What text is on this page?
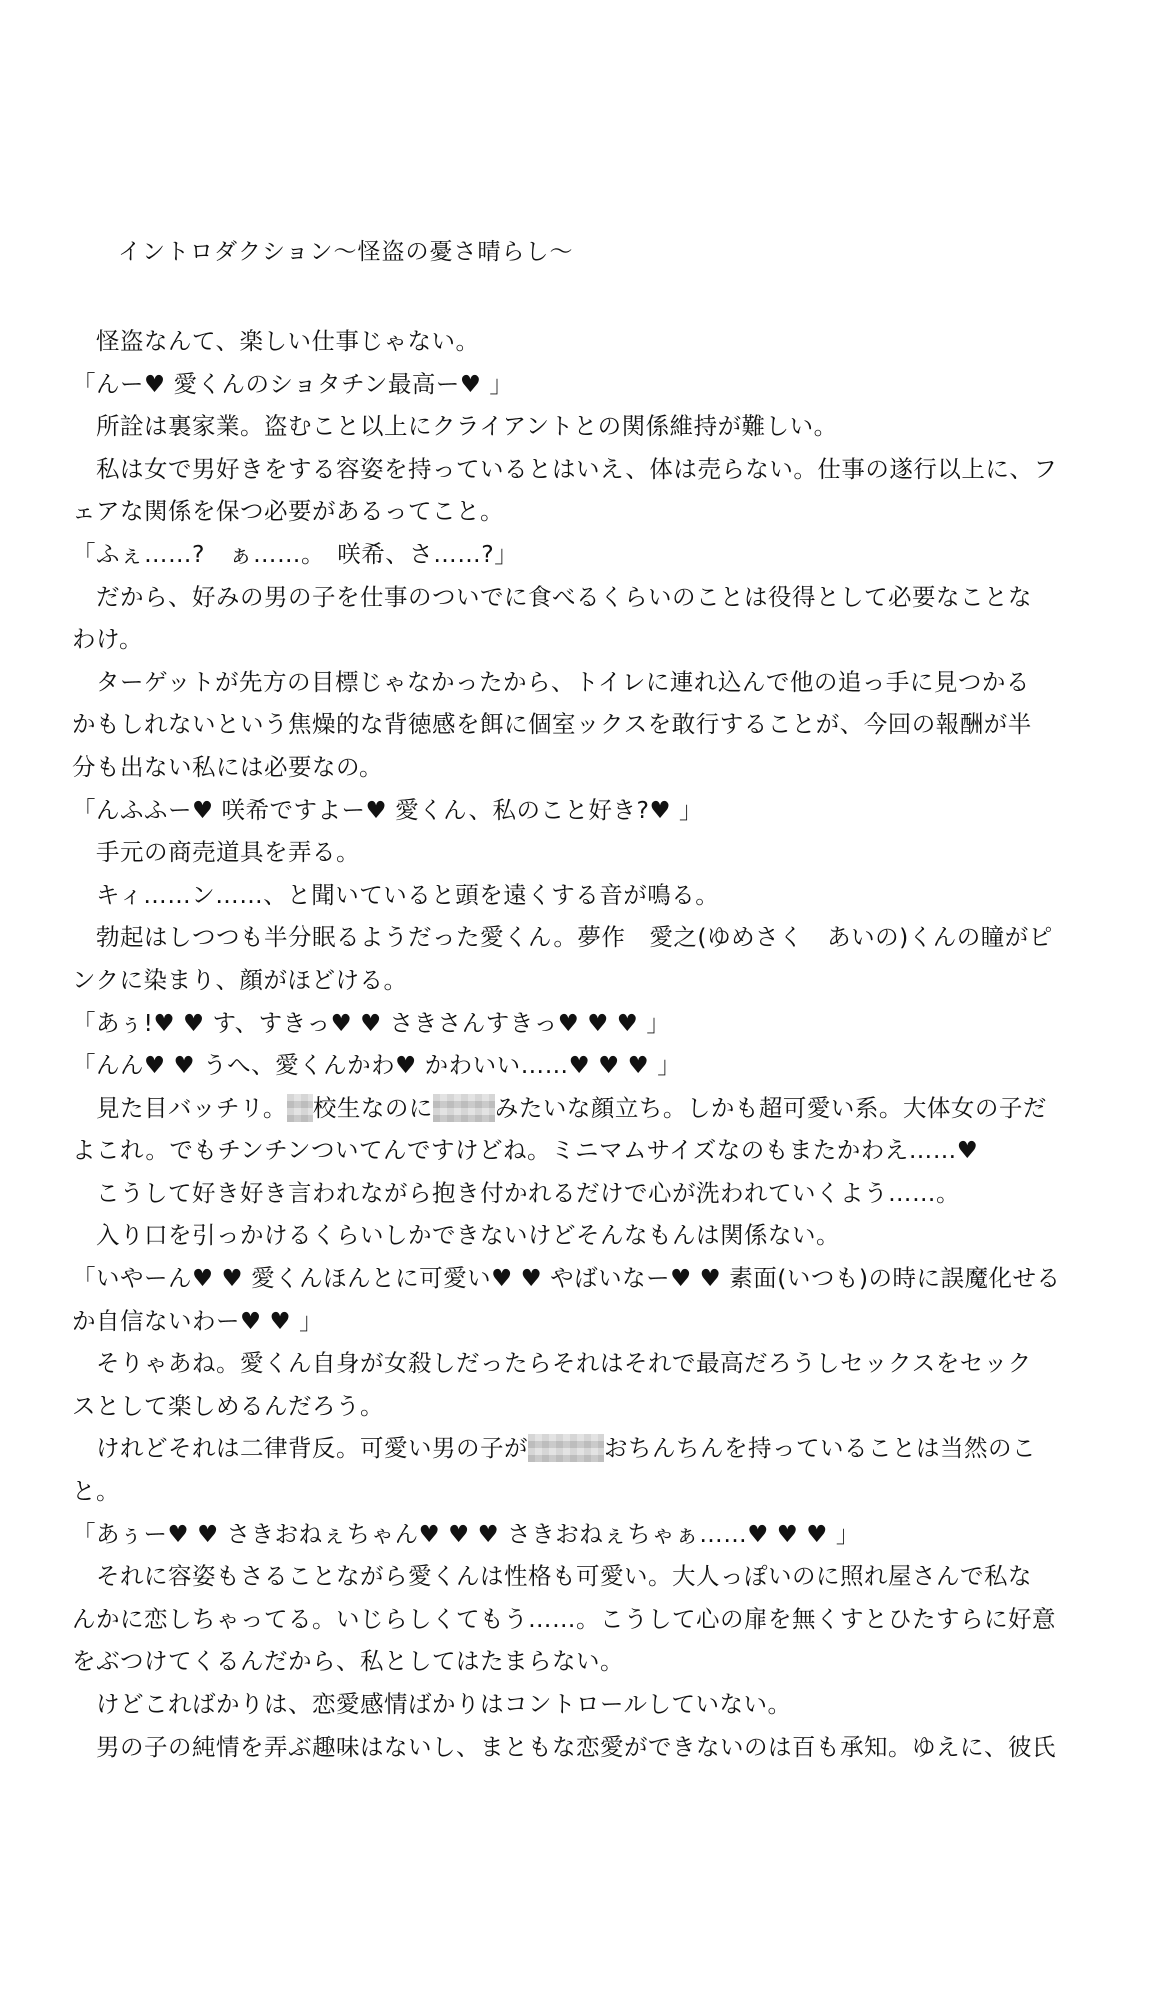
イントロダクション〜怪盗の憂さ晴らし〜
怪盗なんて、楽しい仕事じゃない。
「んー♥ 愛くんのショタチン最高ー♥ 」
所詮は裏家業。盗むこと以上にクライアントとの関係維持が難しい。
私は女で男好きをする容姿を持っているとはいえ、体は売らない。仕事の遂行以上に、フ
ェアな関係を保つ必要があるってこと。
「ふぇ……?　ぁ……。　咲希、さ……?」
だから、好みの男の子を仕事のついでに食べるくらいのことは役得として必要なことな
わけ。
ターゲットが先方の目標じゃなかったから、トイレに連れ込んで他の追っ手に見つかる
かもしれないという焦燥的な背徳感を餌に個室ックスを敢行することが、今回の報酬が半
分も出ない私には必要なの。
「んふふー♥ 咲希ですよー♥ 愛くん、私のこと好き?♥ 」
手元の商売道具を弄る。
キィ……ン……、と聞いていると頭を遠くする音が鳴る。
勃起はしつつも半分眠るようだった愛くん。夢作　愛之(ゆめさく　あいの)くんの瞳がピ
ンクに染まり、顔がほどける。
「あぅ!♥ ♥ す、すきっ♥ ♥ さきさんすきっ♥ ♥ ♥ 」
「んん♥ ♥ うへ、愛くんかわ♥ かわいい……♥ ♥ ♥ 」
見た目バッチリ。 校生なのに	みたいな顔立ち。しかも超可愛い系。大体女の子だ
よこれ。でもチンチンついてんですけどね。ミニマムサイズなのもまたかわえ……♥
こうして好き好き言われながら抱き付かれるだけで心が洗われていくよう……。
入り口を引っかけるくらいしかできないけどそんなもんは関係ない。
「いやーん♥ ♥ 愛くんほんとに可愛い♥ ♥ やばいなー♥ ♥ 素面(いつも)の時に誤魔化せる
か自信ないわー♥ ♥ 」
そりゃあね。愛くん自身が女殺しだったらそれはそれで最高だろうしセックスをセック
スとして楽しめるんだろう。
けれどそれは二律背反。可愛い男の子が	おちんちんを持っていることは当然のこ
と。
「あぅー♥ ♥ さきおねぇちゃん♥ ♥ ♥ さきおねぇちゃぁ……♥ ♥ ♥ 」
それに容姿もさることながら愛くんは性格も可愛い。大人っぽいのに照れ屋さんで私な
んかに恋しちゃってる。いじらしくてもう……。こうして心の扉を無くすとひたすらに好意
をぶつけてくるんだから、私としてはたまらない。
けどこればかりは、恋愛感情ばかりはコントロールしていない。
男の子の純情を弄ぶ趣味はないし、まともな恋愛ができないのは百も承知。ゆえに、彼氏
